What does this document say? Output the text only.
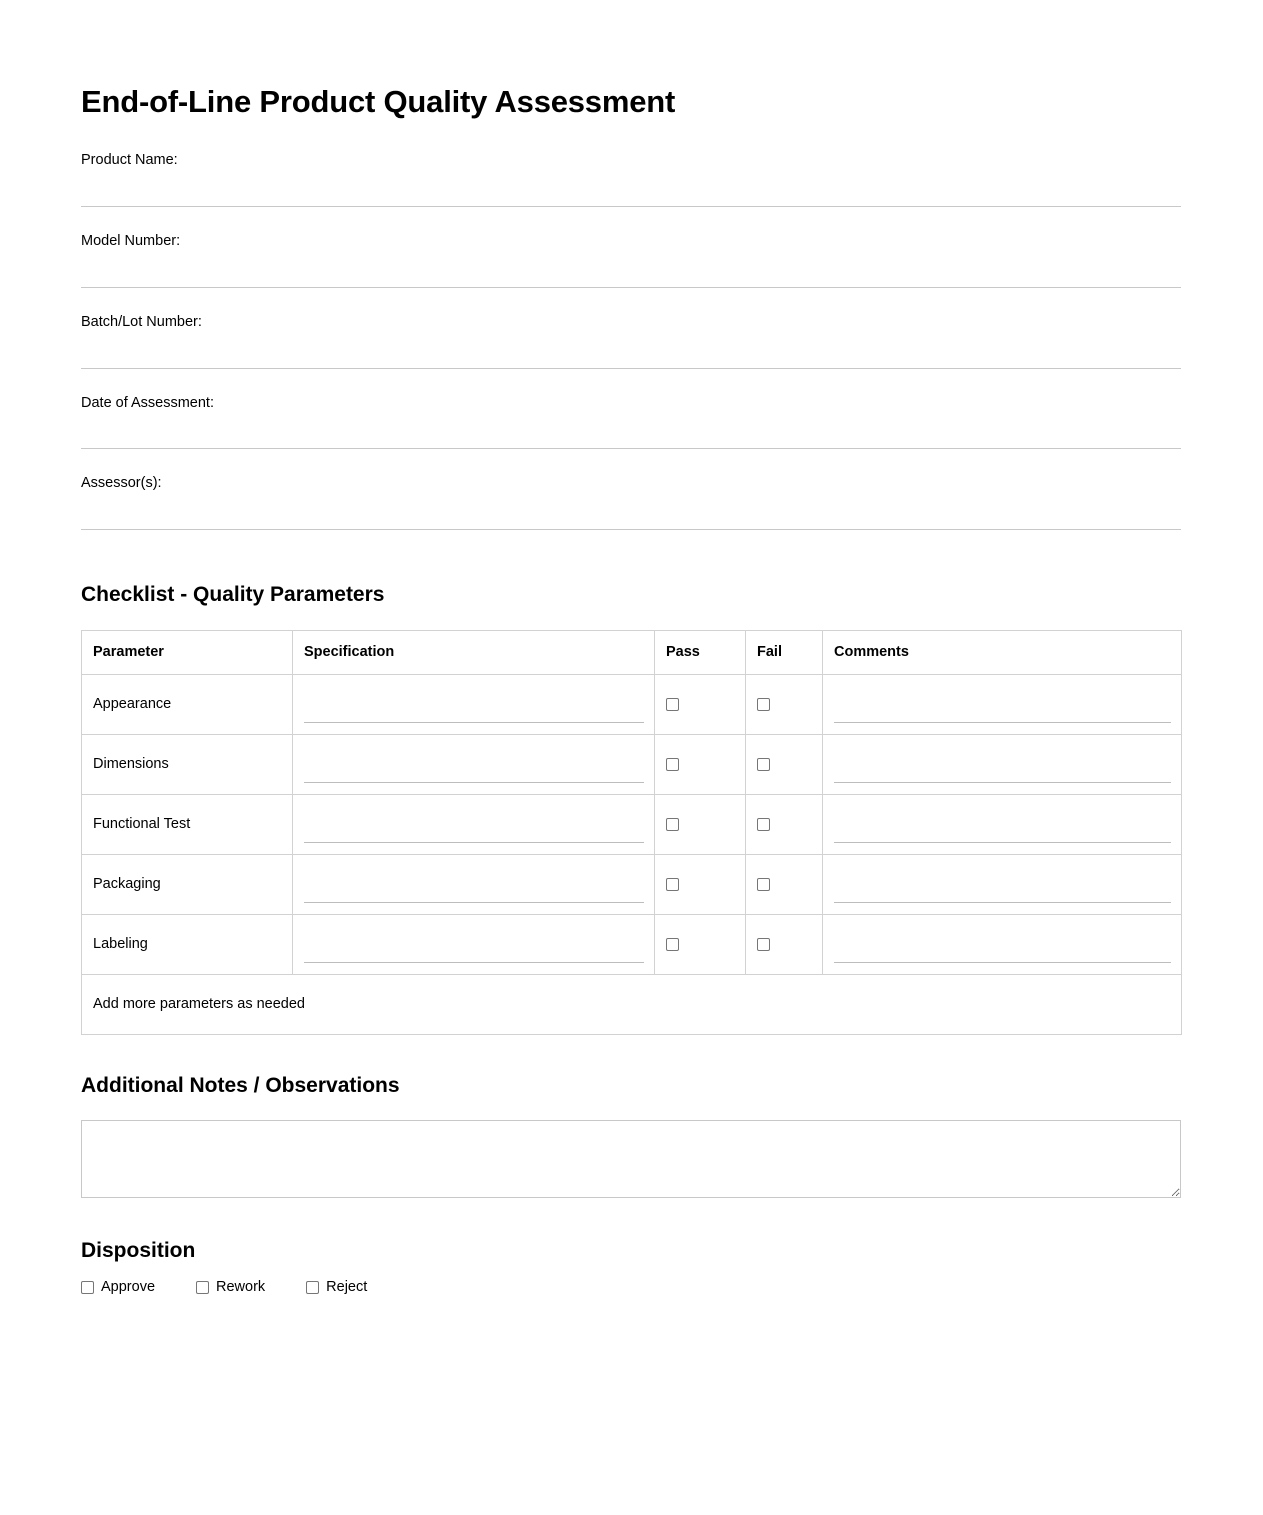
End-of-Line Product Quality Assessment
Product Name:
Model Number:
Batch/Lot Number:
Date of Assessment:
Assessor(s):
Checklist - Quality Parameters
Parameter	Specification	Pass	Fail	Comments
Appearance	

Dimensions	

Functional Test	

Packaging	

Labeling	

Add more parameters as needed				
Additional Notes / Observations
Disposition
Approve	Rework	Reject
